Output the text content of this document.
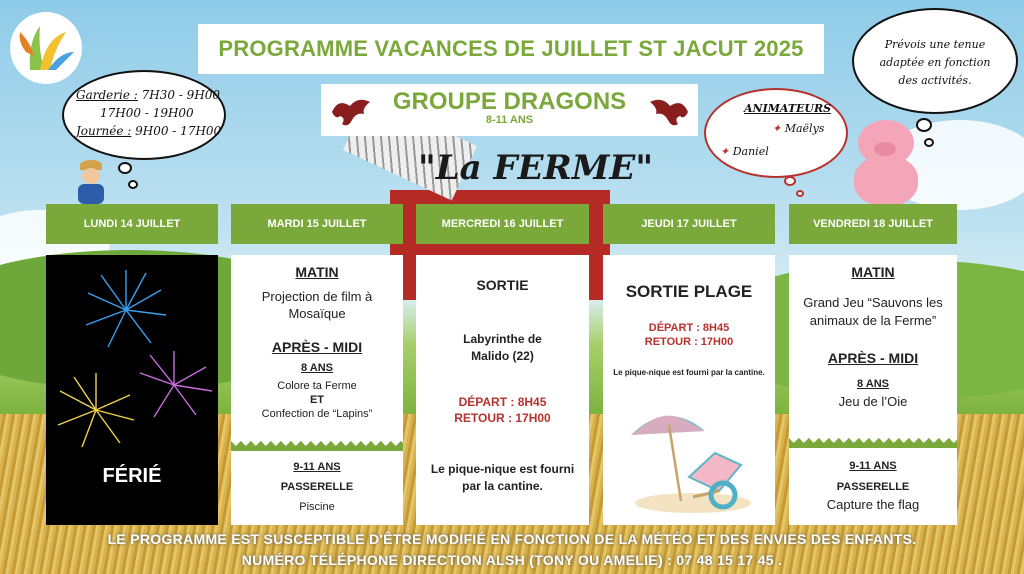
PROGRAMME VACANCES DE JUILLET ST JACUT 2025
GROUPE DRAGONS
8-11 ANS
"La FERME"
Garderie : 7H30 - 9H00
17H00 - 19H00
Journée : 9H00 - 17H00
Prévois une tenue adaptée en fonction des activités.
ANIMATEURS
✦ Maëlys
✦ Daniel
LUNDI 14 JUILLET	MARDI 15 JUILLET	MERCREDI 16 JUILLET	JEUDI 17 JUILLET	VENDREDI 18 JUILLET
FÉRIÉ
MATIN
Projection de film à Mosaïque
APRÈS - MIDI
8 ANS
Colore ta Ferme
ET
Confection de “Lapins”
9-11 ANS
PASSERELLE
Piscine
SORTIE
Labyrinthe de Malido (22)
DÉPART : 8H45
RETOUR : 17H00
Le pique-nique est fourni par la cantine.
SORTIE PLAGE
DÉPART : 8H45
RETOUR : 17H00
Le pique-nique est fourni par la cantine.
MATIN
Grand Jeu “Sauvons les animaux de la Ferme”
APRÈS - MIDI
8 ANS
Jeu de l’Oie
9-11 ANS
PASSERELLE
Capture the flag
LE PROGRAMME EST SUSCEPTIBLE D'ÊTRE MODIFIÉ EN FONCTION DE LA MÉTÉO ET DES ENVIES DES ENFANTS.
NUMÉRO TÉLÉPHONE DIRECTION ALSH (TONY OU AMELIE) : 07 48 15 17 45 .
